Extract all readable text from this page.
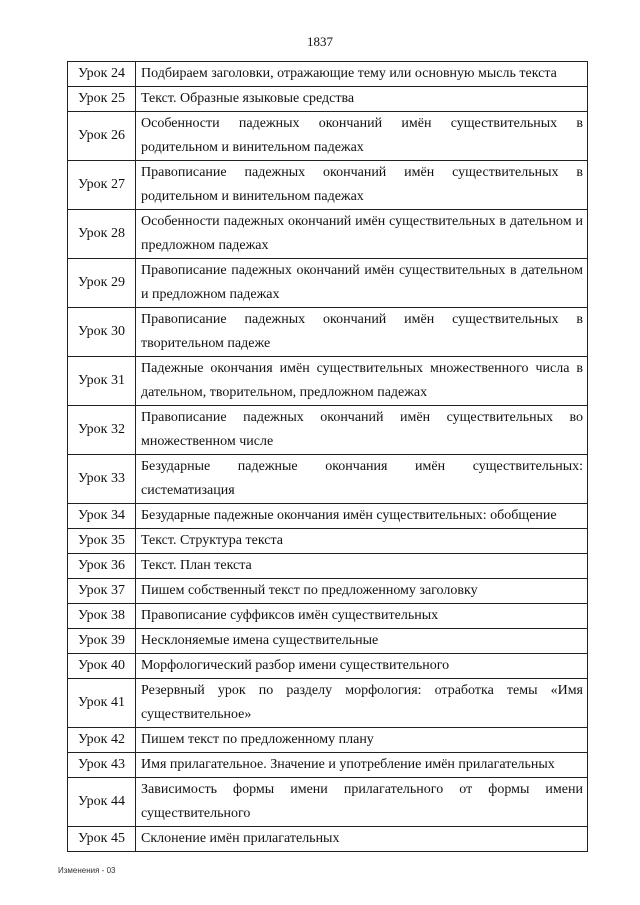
1837
Урок 24	Подбираем заголовки, отражающие тему или основную мысль текста
Урок 25	Текст. Образные языковые средства
Урок 26	Особенности падежных окончаний имён существительных в родительном и винительном падежах
Урок 27	Правописание падежных окончаний имён существительных в родительном и винительном падежах
Урок 28	Особенности падежных окончаний имён существительных в дательном и предложном падежах
Урок 29	Правописание падежных окончаний имён существительных в дательном и предложном падежах
Урок 30	Правописание падежных окончаний имён существительных в творительном падеже
Урок 31	Падежные окончания имён существительных множественного числа в дательном, творительном, предложном падежах
Урок 32	Правописание падежных окончаний имён существительных во множественном числе
Урок 33	Безударные падежные окончания имён существительных: систематизация
Урок 34	Безударные падежные окончания имён существительных: обобщение
Урок 35	Текст. Структура текста
Урок 36	Текст. План текста
Урок 37	Пишем собственный текст по предложенному заголовку
Урок 38	Правописание суффиксов имён существительных
Урок 39	Несклоняемые имена существительные
Урок 40	Морфологический разбор имени существительного
Урок 41	Резервный урок по разделу морфология: отработка темы «Имя существительное»
Урок 42	Пишем текст по предложенному плану
Урок 43	Имя прилагательное. Значение и употребление имён прилагательных
Урок 44	Зависимость формы имени прилагательного от формы имени существительного
Урок 45	Склонение имён прилагательных
Изменения - 03
